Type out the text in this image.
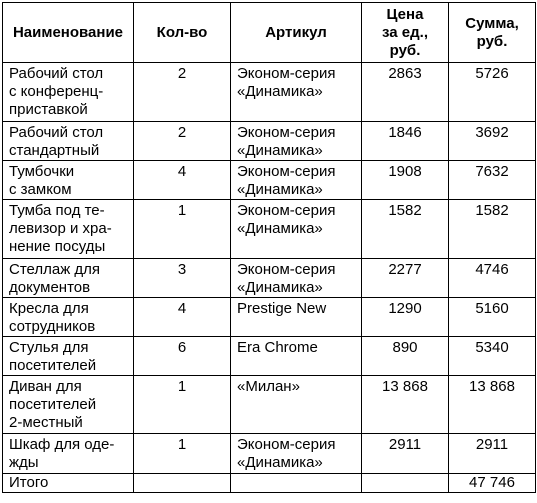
Наименование	Кол-во	Артикул	Цена
за ед.,
руб.	Сумма,
руб.

Рабочий стол
с конференц-
приставкой	2	Эконом-серия
«Динамика»	2863	5726

Рабочий стол
стандартный	2	Эконом-серия
«Динамика»	1846	3692

Тумбочки
с замком	4	Эконом-серия
«Динамика»	1908	7632

Тумба под те-
левизор и хра-
нение посуды	1	Эконом-серия
«Динамика»	1582	1582

Стеллаж для
документов	3	Эконом-серия
«Динамика»	2277	4746

Кресла для
сотрудников	4	Prestige New	1290	5160

Стулья для
посетителей	6	Era Chrome	890	5340

Диван для
посетителей
2-местный	1	«Милан»	13 868	13 868

Шкаф для оде-
жды	1	Эконом-серия
«Динамика»	2911	2911
Итого				47 746
